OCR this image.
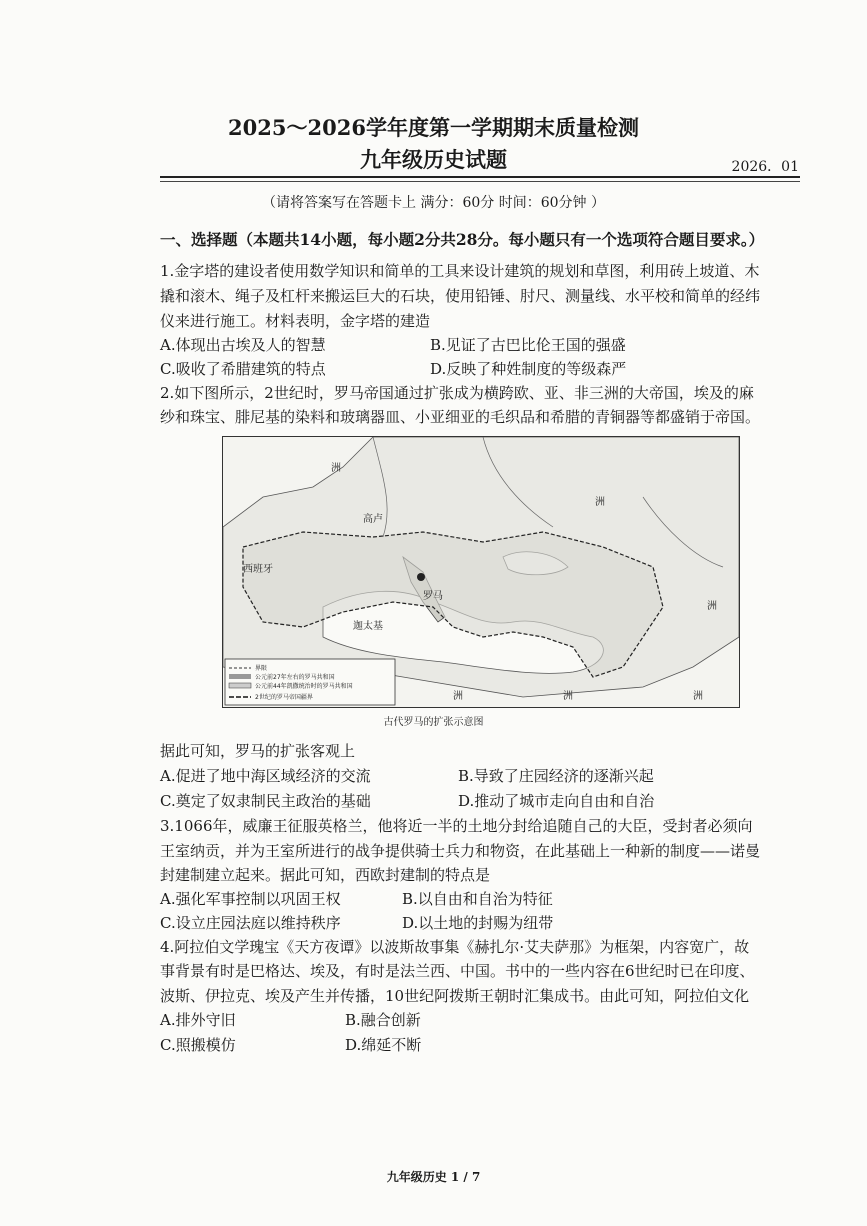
2025～2026学年度第一学期期末质量检测
九年级历史试题	2026．01
（请将答案写在答题卡上 满分：60分 时间：60分钟 ）
一、选择题（本题共14小题，每小题2分共28分。每小题只有一个选项符合题目要求。）
1.金字塔的建设者使用数学知识和简单的工具来设计建筑的规划和草图，利用砖上坡道、木
撬和滚木、绳子及杠杆来搬运巨大的石块，使用铅锤、肘尺、测量线、水平校和简单的经纬
仪来进行施工。材料表明，金字塔的建造
A.体现出古埃及人的智慧	B.见证了古巴比伦王国的强盛
C.吸收了希腊建筑的特点	D.反映了种姓制度的等级森严
2.如下图所示，2世纪时，罗马帝国通过扩张成为横跨欧、亚、非三洲的大帝国，埃及的麻
纱和珠宝、腓尼基的染料和玻璃器皿、小亚细亚的毛织品和希腊的青铜器等都盛销于帝国。
西班牙
高卢
罗马
迦太基
洲
洲
洲
洲	洲
洲
界限
公元前27年左右的罗马共和国
公元前44年凯撒统治时的罗马共和国
2世纪的罗马帝国疆界
古代罗马的扩张示意图
据此可知，罗马的扩张客观上
A.促进了地中海区域经济的交流	B.导致了庄园经济的逐渐兴起
C.奠定了奴隶制民主政治的基础	D.推动了城市走向自由和自治
3.1066年，威廉王征服英格兰，他将近一半的土地分封给追随自己的大臣，受封者必须向
王室纳贡，并为王室所进行的战争提供骑士兵力和物资，在此基础上一种新的制度——诺曼
封建制建立起来。据此可知，西欧封建制的特点是
A.强化军事控制以巩固王权	B.以自由和自治为特征
C.设立庄园法庭以维持秩序	D.以土地的封赐为纽带
4.阿拉伯文学瑰宝《天方夜谭》以波斯故事集《赫扎尔·艾夫萨那》为框架，内容宽广，故
事背景有时是巴格达、埃及，有时是法兰西、中国。书中的一些内容在6世纪时已在印度、
波斯、伊拉克、埃及产生并传播，10世纪阿拨斯王朝时汇集成书。由此可知，阿拉伯文化
A.排外守旧	B.融合创新
C.照搬模仿	D.绵延不断
九年级历史 1 / 7
